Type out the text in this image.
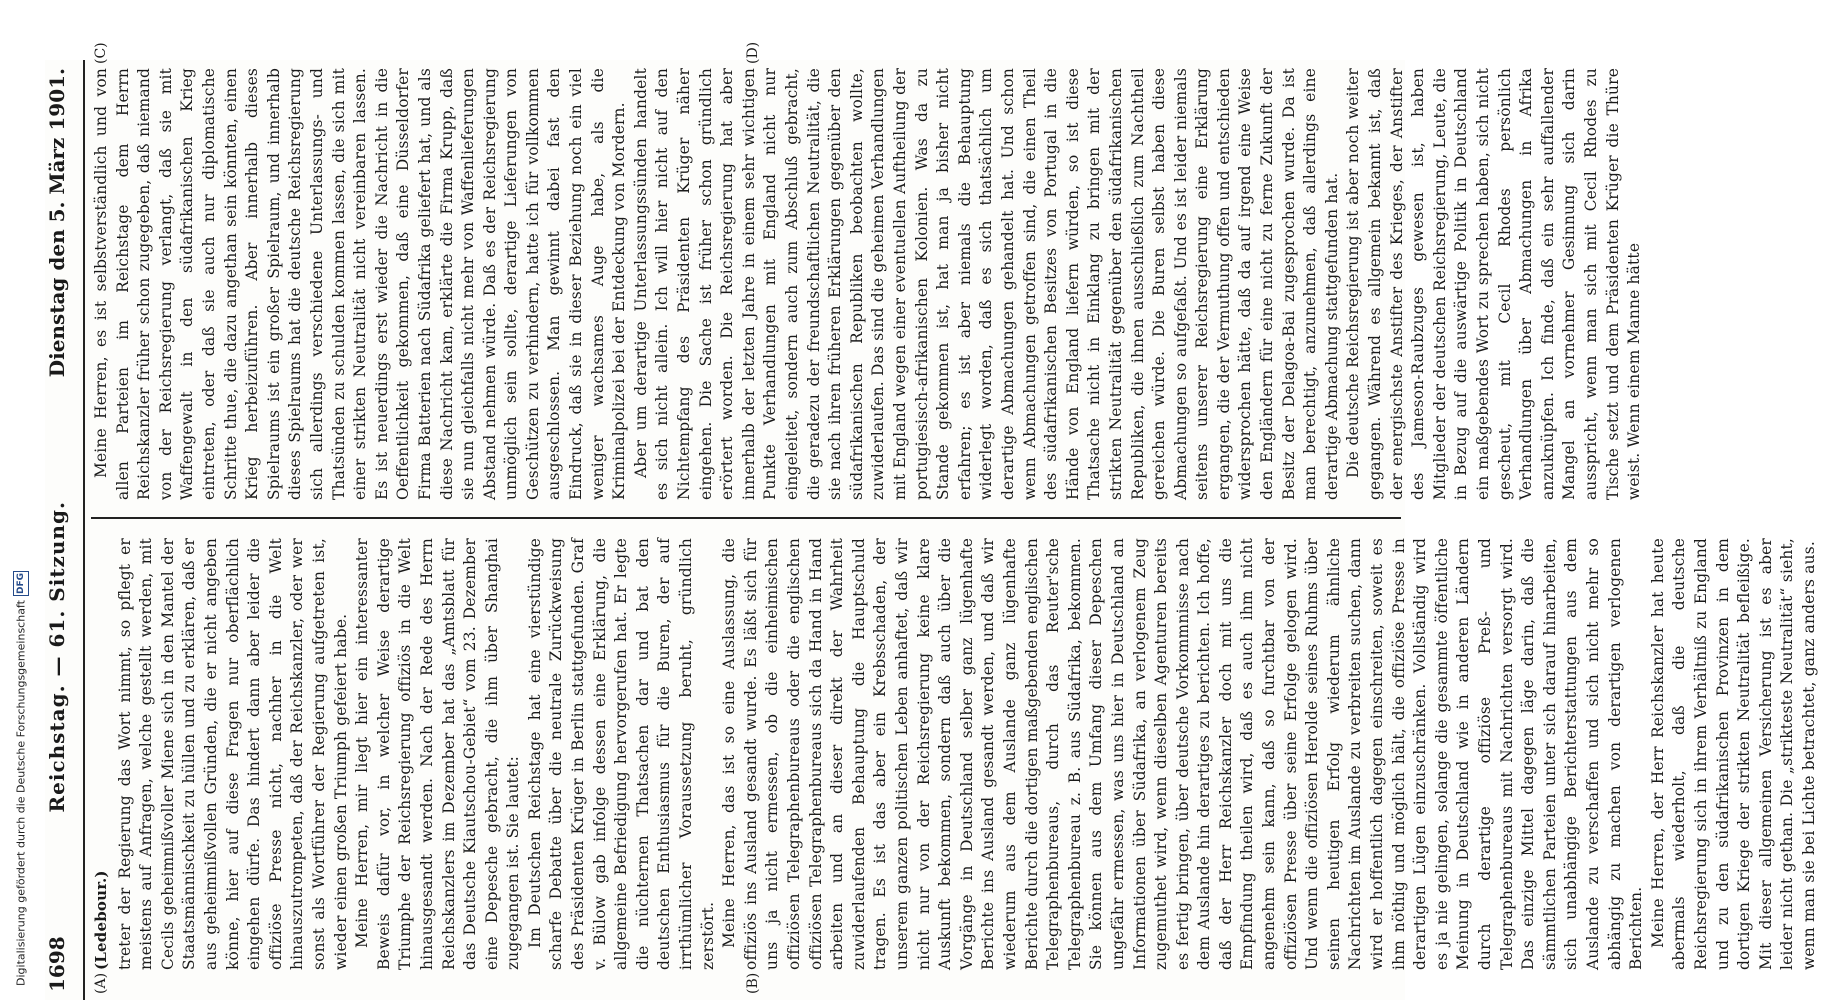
1698
Reichstag. — 61. Sitzung.
Dienstag den 5. März 1901.
(Ledebour.) treter der Regierung das Wort nimmt, so pflegt er meistens auf Anfragen, welche gestellt werden, mit Cecils geheimnißvoller Miene sich in den Mantel der Staatsmännischkeit zu hüllen und zu erklären, daß er aus geheimnißvollen Gründen, die er nicht angeben könne, hier auf diese Fragen nur oberflächlich eingehen dürfe. Das hindert dann aber leider die offiziöse Presse nicht, nachher in die Welt hinauszutrompeten, daß der Reichskanzler, oder wer sonst als Wortführer der Regierung aufgetreten ist, wieder einen großen Triumph gefeiert habe. Meine Herren, mir liegt hier ein interessanter Beweis dafür vor, in welcher Weise derartige Triumphe der Reichsregierung offiziös in die Welt hinausgesandt werden. Nach der Rede des Herrn Reichskanzlers im Dezember hat das „Amtsblatt für das Deutsche Kiautschou-Gebiet“ vom 23. Dezember eine Depesche gebracht, die ihm über Shanghai zugegangen ist. Sie lautet: Im Deutschen Reichstage hat eine vierstündige scharfe Debatte über die neutrale Zurückweisung des Präsidenten Krüger in Berlin stattgefunden. Graf v. Bülow gab infolge dessen eine Erklärung, die allgemeine Befriedigung hervorgerufen hat. Er legte die nüchternen Thatsachen dar und bat den deutschen Enthusiasmus für die Buren, der auf irrthümlicher Voraussetzung beruht, gründlich zerstört. Meine Herren, das ist so eine Auslassung, die offiziös ins Ausland gesandt wurde. Es läßt sich für uns ja nicht ermessen, ob die einheimischen offiziösen Telegraphenbureaus oder die englischen offiziösen Telegraphenbureaus sich da Hand in Hand arbeiten und an dieser direkt der Wahrheit zuwiderlaufenden Behauptung die Hauptschuld tragen. Es ist das aber ein Krebsschaden, der unserem ganzen politischen Leben anhaftet, daß wir nicht nur von der Reichsregierung keine klare Auskunft bekommen, sondern daß auch über die Vorgänge in Deutschland selber ganz lügenhafte Berichte ins Ausland gesandt werden, und daß wir wiederum aus dem Auslande ganz lügenhafte Berichte durch die dortigen maßgebenden englischen Telegraphenbureaus, durch das Reuter'sche Telegraphenbureau z. B. aus Südafrika, bekommen. Sie können aus dem Umfang dieser Depeschen ungefähr ermessen, was uns hier in Deutschland an Informationen über Südafrika, an verlogenem Zeug zugemuthet wird, wenn dieselben Agenturen bereits es fertig bringen, über deutsche Vorkommnisse nach dem Auslande hin derartiges zu berichten. Ich hoffe, daß der Herr Reichskanzler doch mit uns die Empfindung theilen wird, daß es auch ihm nicht angenehm sein kann, daß so furchtbar von der offiziösen Presse über seine Erfolge gelogen wird. Und wenn die offiziösen Herolde seines Ruhms über seinen heutigen Erfolg wiederum ähnliche Nachrichten im Auslande zu verbreiten suchen, dann wird er hoffentlich dagegen einschreiten, soweit es ihm nöthig und möglich hält, die offiziöse Presse in derartigen Lügen einzuschränken. Vollständig wird es ja nie gelingen, solange die gesammte öffentliche Meinung in Deutschland wie in anderen Ländern durch derartige offiziöse Preß- und Telegraphenbureaus mit Nachrichten versorgt wird. Das einzige Mittel dagegen läge darin, daß die sämmtlichen Parteien unter sich darauf hinarbeiten, sich unabhängige Berichterstattungen aus dem Auslande zu verschaffen und sich nicht mehr so abhängig zu machen von derartigen verlogenen Berichten. Meine Herren, der Herr Reichskanzler hat heute abermals wiederholt, daß die deutsche Reichsregierung sich in ihrem Verhältniß zu England und zu den südafrikanischen Provinzen in dem dortigen Kriege der strikten Neutralität befleißige. Mit dieser allgemeinen Versicherung ist es aber leider nicht gethan. Die „strikteste Neutralität“ sieht, wenn man sie bei Lichte betrachtet, ganz anders aus.

Meine Herren, es ist selbstverständlich und von allen Parteien im Reichstage dem Herrn Reichskanzler früher schon zugegeben, daß niemand von der Reichsregierung verlangt, daß sie mit Waffengewalt in den südafrikanischen Krieg eintreten, oder daß sie auch nur diplomatische Schritte thue, die dazu angethan sein könnten, einen Krieg herbeizuführen. Aber innerhalb dieses Spielraums ist ein großer Spielraum, und innerhalb dieses Spielraums hat die deutsche Reichsregierung sich allerdings verschiedene Unterlassungs- und Thatsünden zu schulden kommen lassen, die sich mit einer strikten Neutralität nicht vereinbaren lassen. Es ist neuerdings erst wieder die Nachricht in die Oeffentlichkeit gekommen, daß eine Düsseldorfer Firma Batterien nach Südafrika geliefert hat, und als diese Nachricht kam, erklärte die Firma Krupp, daß sie nun gleichfalls nicht mehr von Waffenlieferungen Abstand nehmen würde. Daß es der Reichsregierung unmöglich sein sollte, derartige Lieferungen von Geschützen zu verhindern, hatte ich für vollkommen ausgeschlossen. Man gewinnt dabei fast den Eindruck, daß sie in dieser Beziehung noch ein viel weniger wachsames Auge habe, als die Kriminalpolizei bei der Entdeckung von Mordern. Aber um derartige Unterlassungssünden handelt es sich nicht allein. Ich will hier nicht auf den Nichtempfang des Präsidenten Krüger näher eingehen. Die Sache ist früher schon gründlich erörtert worden. Die Reichsregierung hat aber innerhalb der letzten Jahre in einem sehr wichtigen Punkte Verhandlungen mit England nicht nur eingeleitet, sondern auch zum Abschluß gebracht, die geradezu der freundschaftlichen Neutralität, die sie nach ihren früheren Erklärungen gegenüber den südafrikanischen Republiken beobachten wollte, zuwiderlaufen. Das sind die geheimen Verhandlungen mit England wegen einer eventuellen Auftheilung der portugiesisch-afrikanischen Kolonien. Was da zu Stande gekommen ist, hat man ja bisher nicht erfahren; es ist aber niemals die Behauptung widerlegt worden, daß es sich thatsächlich um derartige Abmachungen gehandelt hat. Und schon wenn Abmachungen getroffen sind, die einen Theil des südafrikanischen Besitzes von Portugal in die Hände von England liefern würden, so ist diese Thatsache nicht in Einklang zu bringen mit der strikten Neutralität gegenüber den südafrikanischen Republiken, die ihnen ausschließlich zum Nachtheil gereichen würde. Die Buren selbst haben diese Abmachungen so aufgefaßt. Und es ist leider niemals seitens unserer Reichsregierung eine Erklärung ergangen, die der Vermuthung offen und entschieden widersprochen hätte, daß da auf irgend eine Weise den Engländern für eine nicht zu ferne Zukunft der Besitz der Delagoa-Bai zugesprochen wurde. Da ist man berechtigt, anzunehmen, daß allerdings eine derartige Abmachung stattgefunden hat. Die deutsche Reichsregierung ist aber noch weiter gegangen. Während es allgemein bekannt ist, daß der energischste Anstifter des Krieges, der Anstifter des Jameson-Raubzuges gewesen ist, haben Mitglieder der deutschen Reichsregierung, Leute, die in Bezug auf die auswärtige Politik in Deutschland ein maßgebendes Wort zu sprechen haben, sich nicht gescheut, mit Cecil Rhodes persönlich Verhandlungen über Abmachungen in Afrika anzuknüpfen. Ich finde, daß ein sehr auffallender Mangel an vornehmer Gesinnung sich darin ausspricht, wenn man sich mit Cecil Rhodes zu Tische setzt und dem Präsidenten Krüger die Thüre weist. Wenn einem Manne hätte

(A)	(B)
(C)	(D)
Digitalisierung gefördert durch die Deutsche Forschungsgemeinschaft
DFG
